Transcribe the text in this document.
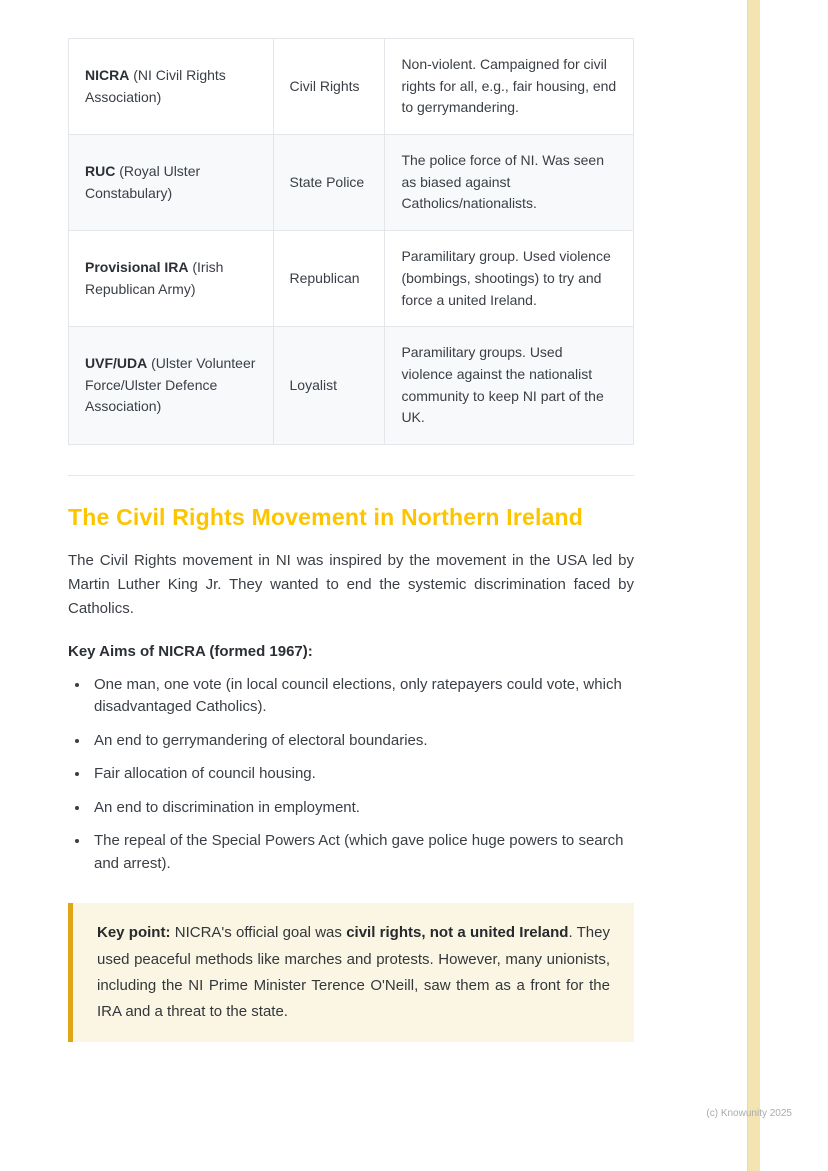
NICRA (NI Civil Rights Association)	Civil Rights	Non-violent. Campaigned for civil rights for all, e.g., fair housing, end to gerrymandering.
RUC (Royal Ulster Constabulary)	State Police	The police force of NI. Was seen as biased against Catholics/nationalists.
Provisional IRA (Irish Republican Army)	Republican	Paramilitary group. Used violence (bombings, shootings) to try and force a united Ireland.
UVF/UDA (Ulster Volunteer Force/Ulster Defence Association)	Loyalist	Paramilitary groups. Used violence against the nationalist community to keep NI part of the UK.
The Civil Rights Movement in Northern Ireland

The Civil Rights movement in NI was inspired by the movement in the USA led by Martin Luther King Jr. They wanted to end the systemic discrimination faced by Catholics.

Key Aims of NICRA (formed 1967):

• One man, one vote (in local council elections, only ratepayers could vote, which disadvantaged Catholics).
• An end to gerrymandering of electoral boundaries.
• Fair allocation of council housing.
• An end to discrimination in employment.
• The repeal of the Special Powers Act (which gave police huge powers to search and arrest).

Key point: NICRA's official goal was civil rights, not a united Ireland. They used peaceful methods like marches and protests. However, many unionists, including the NI Prime Minister Terence O'Neill, saw them as a front for the IRA and a threat to the state.

(c) Knowunity 2025
